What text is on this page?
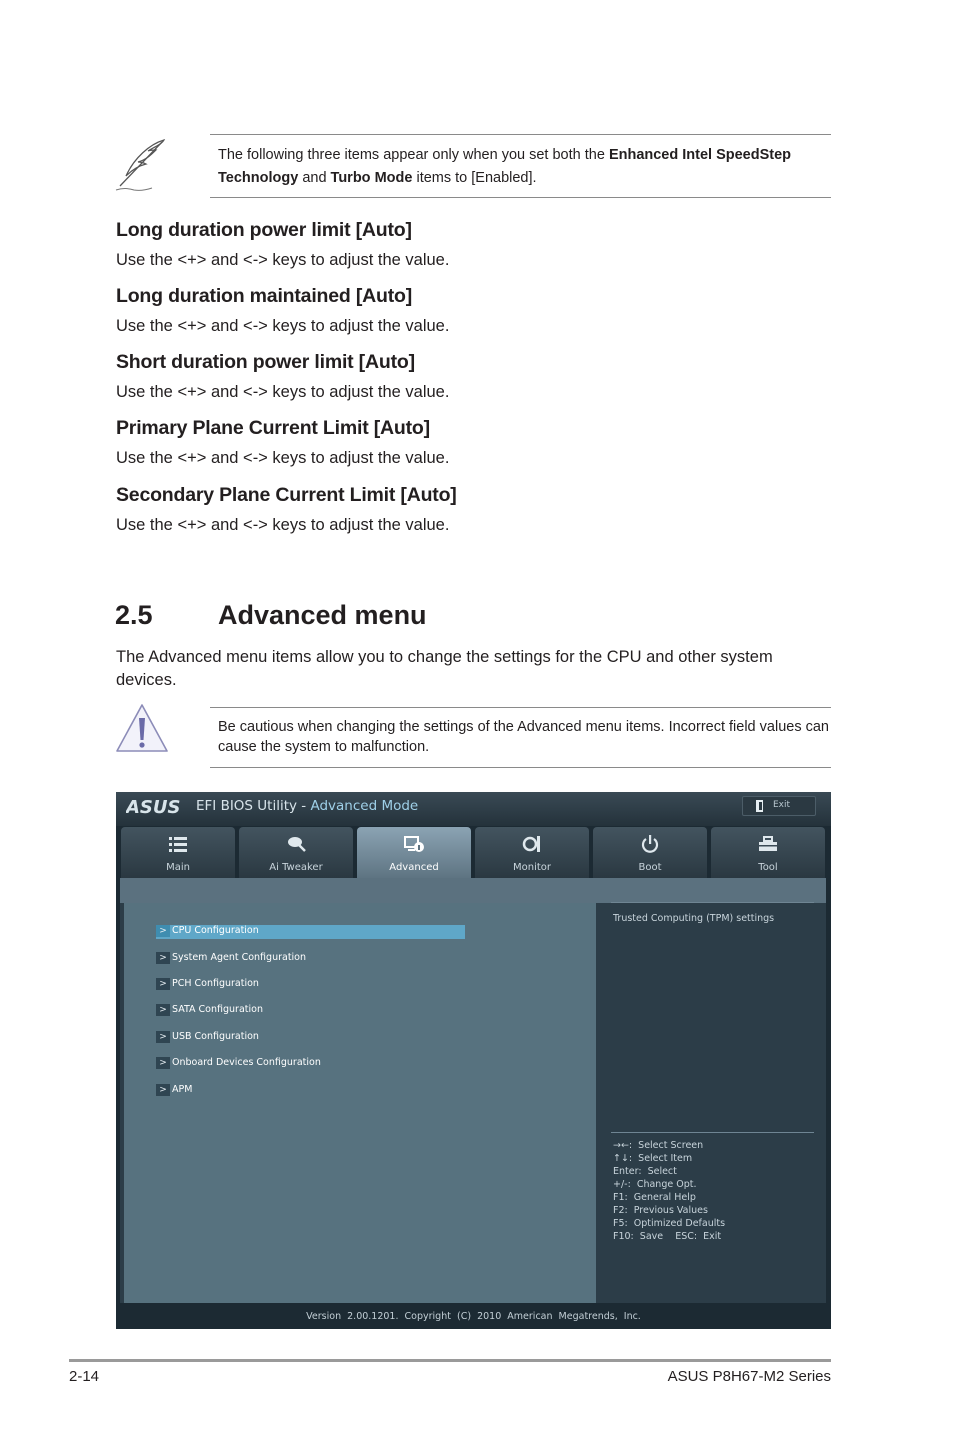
The following three items appear only when you set both the Enhanced Intel SpeedStep Technology and Turbo Mode items to [Enabled].
Long duration power limit [Auto]
Use the <+> and <-> keys to adjust the value.
Long duration maintained [Auto]
Use the <+> and <-> keys to adjust the value.
Short duration power limit [Auto]
Use the <+> and <-> keys to adjust the value.
Primary Plane Current Limit [Auto]
Use the <+> and <-> keys to adjust the value.
Secondary Plane Current Limit [Auto]
Use the <+> and <-> keys to adjust the value.
2.5 Advanced menu
The Advanced menu items allow you to change the settings for the CPU and other system devices.
Be cautious when changing the settings of the Advanced menu items. Incorrect field values can cause the system to malfunction.
ASUS EFI BIOS Utility - Advanced Mode	Exit
Main	Ai Tweaker	Advanced	Monitor	Boot	Tool
> CPU Configuration
> System Agent Configuration
> PCH Configuration
> SATA Configuration
> USB Configuration
> Onboard Devices Configuration
> APM
Trusted Computing (TPM) settings
→←:  Select Screen
↑↓:  Select Item
Enter:  Select
+/-:  Change Opt.
F1:  General Help
F2:  Previous Values
F5:  Optimized Defaults
F10:  Save    ESC:  Exit
Version  2.00.1201.  Copyright  (C)  2010  American  Megatrends,  Inc.
2-14	ASUS P8H67-M2 Series
